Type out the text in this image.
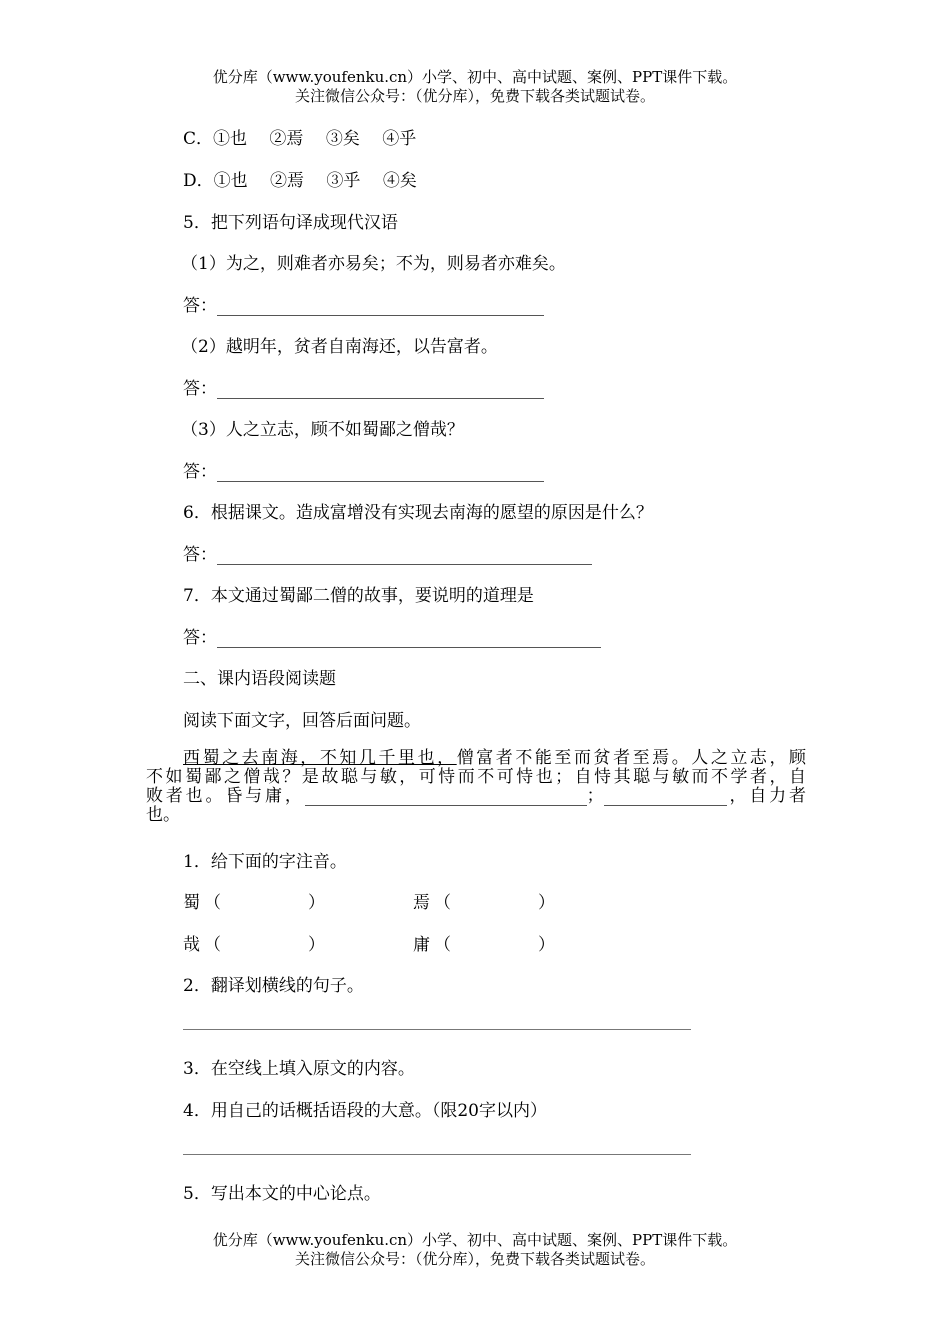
优分库（www.youfenku.cn）小学、初中、高中试题、案例、PPT课件下载。
关注微信公众号：（优分库），免费下载各类试题试卷。
C．①也　 ②焉　 ③矣　 ④乎
D．①也　 ②焉　 ③乎　 ④矣
5．把下列语句译成现代汉语
（1）为之，则难者亦易矣；不为，则易者亦难矣。
答：
（2）越明年，贫者自南海还，以告富者。
答：
（3）人之立志，顾不如蜀鄙之僧哉？
答：
6．根据课文。造成富增没有实现去南海的愿望的原因是什么？
答：
7．本文通过蜀鄙二僧的故事，要说明的道理是
答：
二、课内语段阅读题
阅读下面文字，回答后面问题。
西蜀之去南海，不知几千里也，僧富者不能至而贫者至焉。人之立志，顾
不如蜀鄙之僧哉？是故聪与敏，可恃而不可恃也；自恃其聪与敏而不学者，自
败者也。昏与庸，	；	，自力者
也。
1．给下面的字注音。
蜀 （	）	焉 （	）
哉 （	）	庸 （	）
2．翻译划横线的句子。
3．在空线上填入原文的内容。
4．用自己的话概括语段的大意。（限20字以内）
5．写出本文的中心论点。
优分库（www.youfenku.cn）小学、初中、高中试题、案例、PPT课件下载。
关注微信公众号：（优分库），免费下载各类试题试卷。
